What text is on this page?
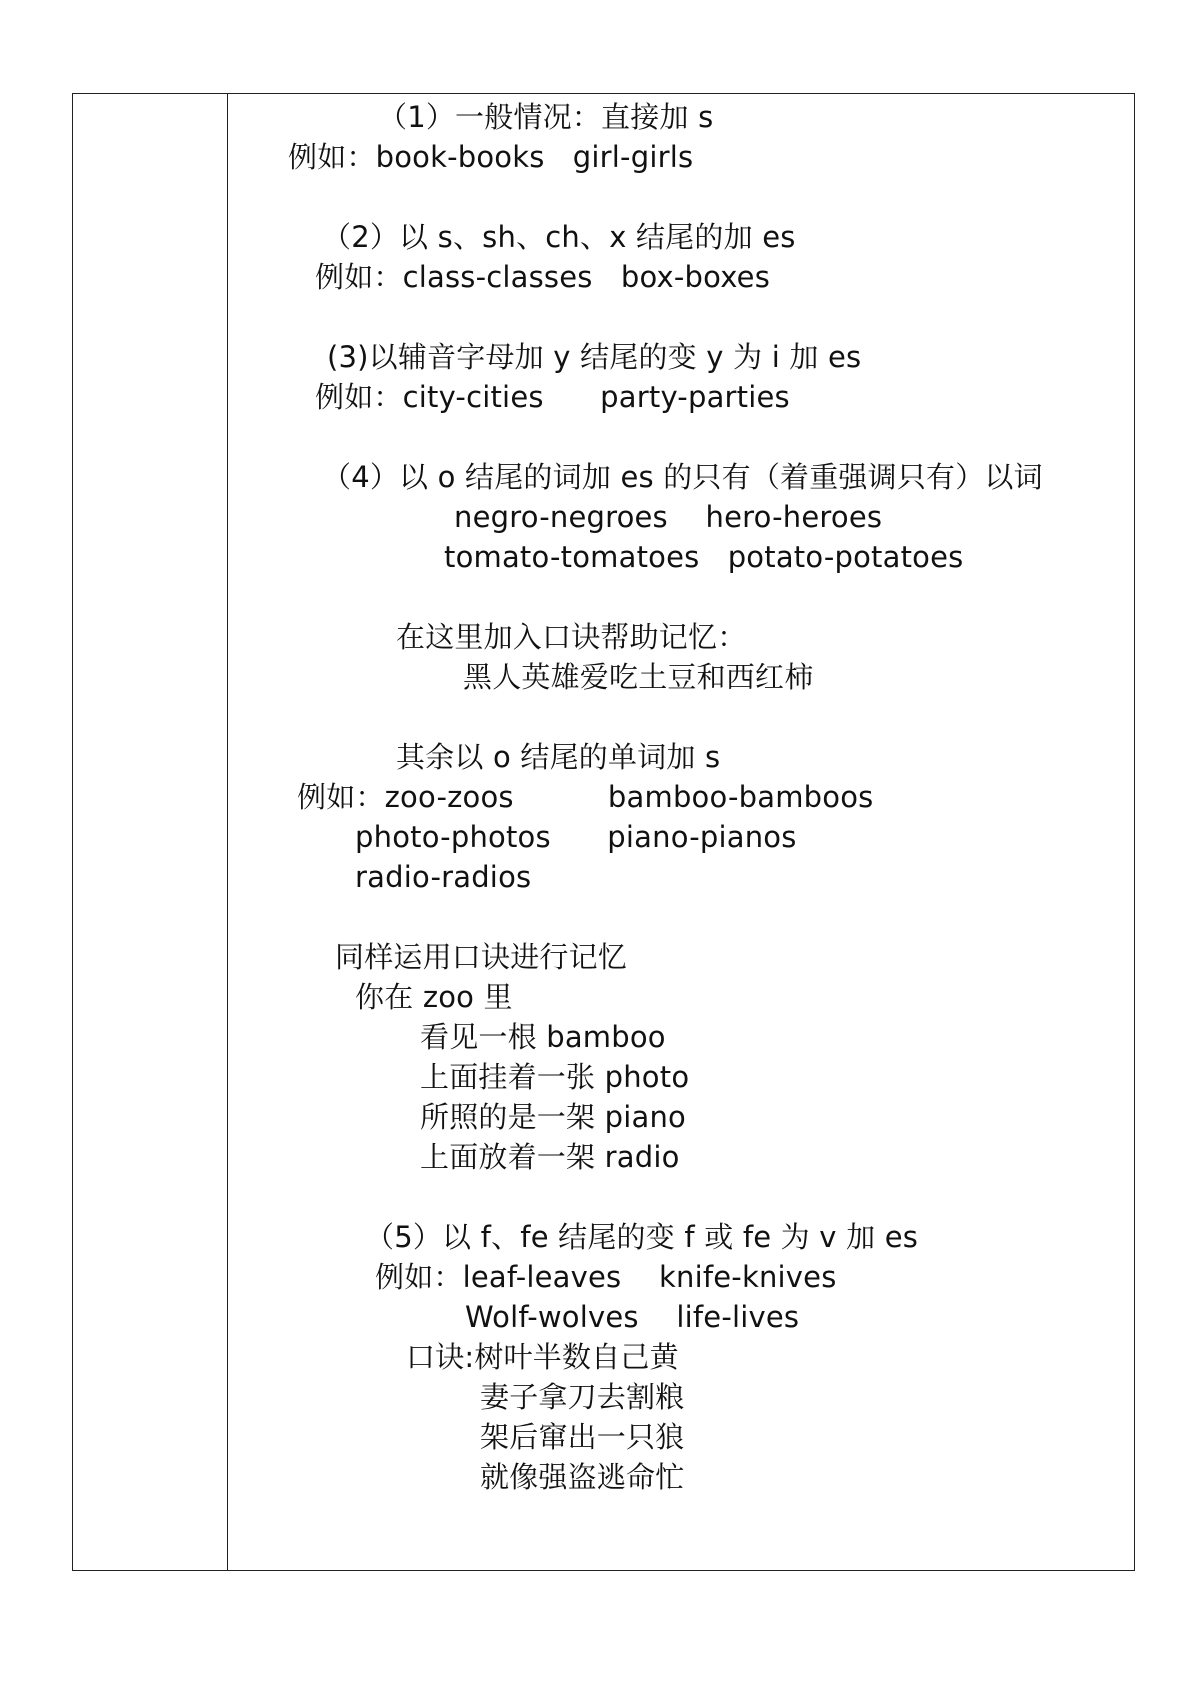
（1）一般情况：直接加 s
例如：book-books   girl-girls
（2）以 s、sh、ch、x 结尾的加 es
例如：class-classes   box-boxes
(3)以辅音字母加 y 结尾的变 y 为 i 加 es
例如：city-cities      party-parties
（4）以 o 结尾的词加 es 的只有（着重强调只有）以词
negro-negroes    hero-heroes
tomato-tomatoes   potato-potatoes
在这里加入口诀帮助记忆：
黑人英雄爱吃土豆和西红柿
其余以 o 结尾的单词加 s
例如：zoo-zoos          bamboo-bamboos
photo-photos      piano-pianos
radio-radios
同样运用口诀进行记忆
你在 zoo 里
看见一根 bamboo
上面挂着一张 photo
所照的是一架 piano
上面放着一架 radio
（5）以 f、fe 结尾的变 f 或 fe 为 v 加 es
例如：leaf-leaves    knife-knives
Wolf-wolves    life-lives
口诀:树叶半数自己黄
妻子拿刀去割粮
架后窜出一只狼
就像强盗逃命忙
